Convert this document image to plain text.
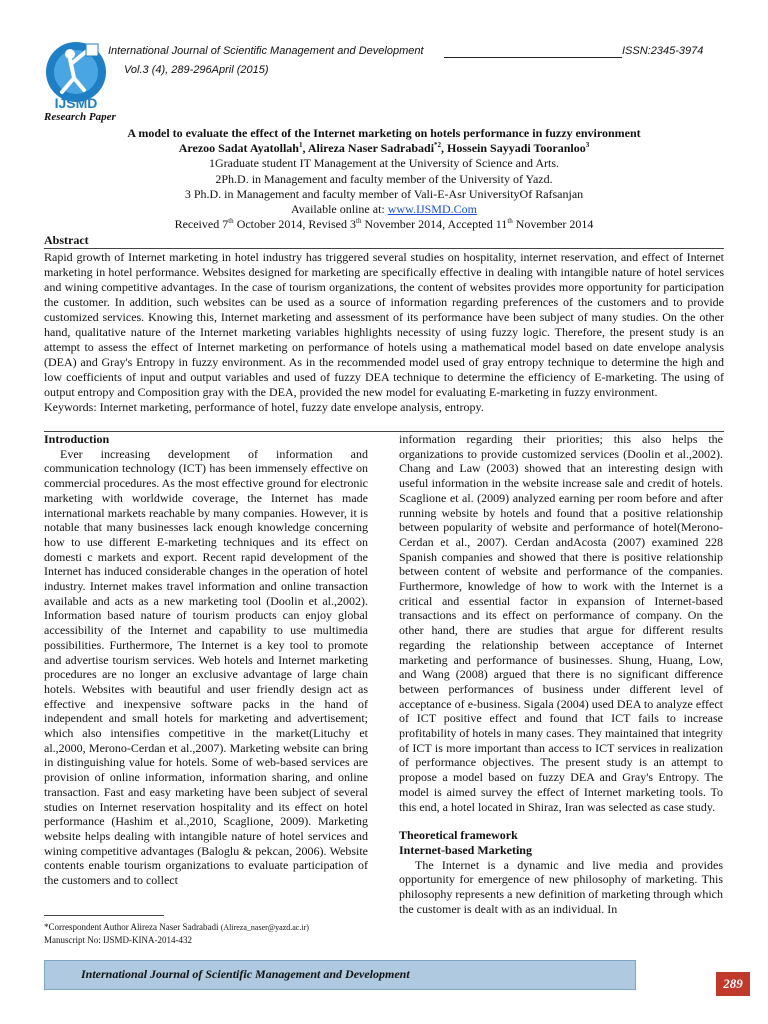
IJSMD
International Journal of Scientific Management and Development	ISSN:2345-3974
Vol.3 (4), 289-296April (2015)
Research Paper
A model to evaluate the effect of the Internet marketing on hotels performance in fuzzy environment
Arezoo Sadat Ayatollah$^1$, Alireza Naser Sadrabadi$^{*2}$, Hossein Sayyadi Tooranloo$^3$
1Graduate student IT Management at the University of Science and Arts.
2Ph.D. in Management and faculty member of the University of Yazd.
3 Ph.D. in Management and faculty member of Vali-E-Asr UniversityOf Rafsanjan
Available online at: www.IJSMD.Com
Received 7th October 2014, Revised 3th November 2014, Accepted 11th November 2014
Abstract

Rapid growth of Internet marketing in hotel industry has triggered several studies on hospitality, internet reservation, and effect of Internet marketing in hotel performance. Websites designed for marketing are specifically effective in dealing with intangible nature of hotel services and wining competitive advantages. In the case of tourism organizations, the content of websites provides more opportunity for participation the customer. In addition, such websites can be used as a source of information regarding preferences of the customers and to provide customized services. Knowing this, Internet marketing and assessment of its performance have been subject of many studies. On the other hand, qualitative nature of the Internet marketing variables highlights necessity of using fuzzy logic. Therefore, the present study is an attempt to assess the effect of Internet marketing on performance of hotels using a mathematical model based on date envelope analysis (DEA) and Gray's Entropy in fuzzy environment. As in the recommended model used of gray entropy technique to determine the high and low coefficients of input and output variables and used of fuzzy DEA technique to determine the efficiency of E-marketing. The using of output entropy and Composition gray with the DEA, provided the new model for evaluating E-marketing in fuzzy environment.

Keywords: Internet marketing, performance of hotel, fuzzy date envelope analysis, entropy.

Introduction

Ever increasing development of information and communication technology (ICT) has been immensely effective on commercial procedures. As the most effective ground for electronic marketing with worldwide coverage, the Internet has made international markets reachable by many companies. However, it is notable that many businesses lack enough knowledge concerning how to use different E-marketing techniques and its effect on domesti c markets and export. Recent rapid development of the Internet has induced considerable changes in the operation of hotel industry. Internet makes travel information and online transaction available and acts as a new marketing tool (Doolin et al.,2002). Information based nature of tourism products can enjoy global accessibility of the Internet and capability to use multimedia possibilities. Furthermore, The Internet is a key tool to promote and advertise tourism services. Web hotels and Internet marketing procedures are no longer an exclusive advantage of large chain hotels. Websites with beautiful and user friendly design act as effective and inexpensive software packs in the hand of independent and small hotels for marketing and advertisement; which also intensifies competitive in the market(Lituchy et al.,2000, Merono-Cerdan et al.,2007). Marketing website can bring in distinguishing value for hotels. Some of web-based services are provision of online information, information sharing, and online transaction. Fast and easy marketing have been subject of several studies on Internet reservation hospitality and its effect on hotel performance (Hashim et al.,2010, Scaglione, 2009). Marketing website helps dealing with intangible nature of hotel services and wining competitive advantages (Baloglu & pekcan, 2006). Website contents enable tourism organizations to evaluate participation of the customers and to collect

information regarding their priorities; this also helps the organizations to provide customized services (Doolin et al.,2002). Chang and Law (2003) showed that an interesting design with useful information in the website increase sale and credit of hotels. Scaglione et al. (2009) analyzed earning per room before and after running website by hotels and found that a positive relationship between popularity of website and performance of hotel(Merono-Cerdan et al., 2007). Cerdan andAcosta (2007) examined 228 Spanish companies and showed that there is positive relationship between content of website and performance of the companies. Furthermore, knowledge of how to work with the Internet is a critical and essential factor in expansion of Internet-based transactions and its effect on performance of company. On the other hand, there are studies that argue for different results regarding the relationship between acceptance of Internet marketing and performance of businesses. Shung, Huang, Low, and Wang (2008) argued that there is no significant difference between performances of business under different level of acceptance of e-business. Sigala (2004) used DEA to analyze effect of ICT positive effect and found that ICT fails to increase profitability of hotels in many cases. They maintained that integrity of ICT is more important than access to ICT services in realization of performance objectives. The present study is an attempt to propose a model based on fuzzy DEA and Gray's Entropy. The model is aimed survey the effect of Internet marketing tools. To this end, a hotel located in Shiraz, Iran was selected as case study.

Theoretical framework
Internet-based Marketing

The Internet is a dynamic and live media and provides opportunity for emergence of new philosophy of marketing. This philosophy represents a new definition of marketing through which the customer is dealt with as an individual. In

*Correspondent Author Alireza Naser Sadrabadi (Alireza_naser@yazd.ac.ir)
Manuscript No: IJSMD-KINA-2014-432
International Journal of Scientific Management and Development
289
